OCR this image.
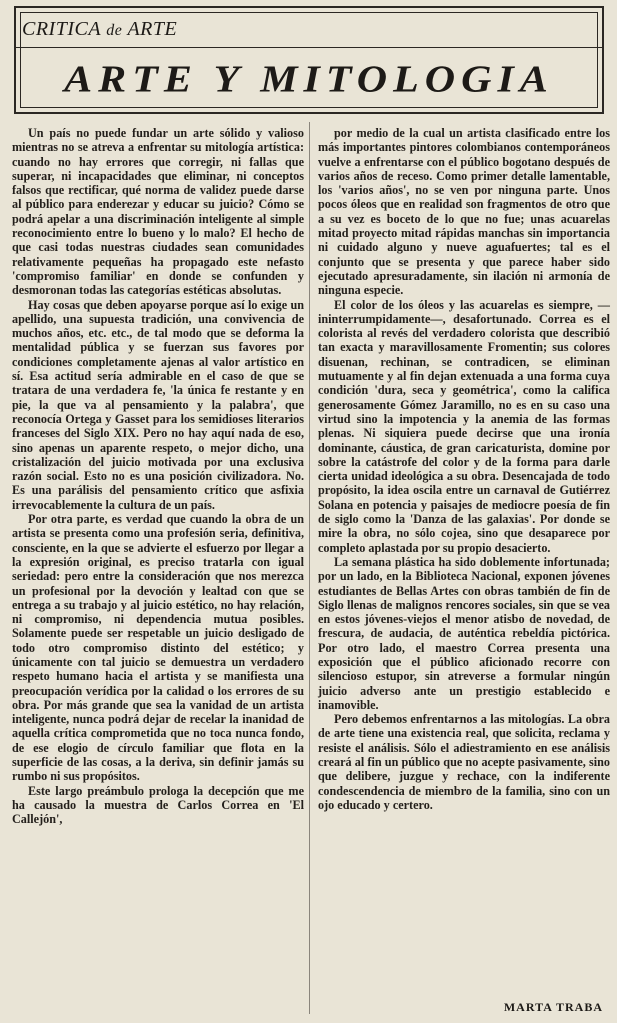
CRITICA de ARTE
ARTE Y MITOLOGIA

Un país no puede fundar un arte sólido y valioso mientras no se atreva a enfrentar su mitología artística: cuando no hay errores que corregir, ni fallas que superar, ni incapacidades que eliminar, ni conceptos falsos que rectificar, qué norma de validez puede darse al público para enderezar y educar su juicio? Cómo se podrá apelar a una discriminación inteligente al simple reconocimiento entre lo bueno y lo malo? El hecho de que casi todas nuestras ciudades sean comunidades relativamente pequeñas ha propagado este nefasto 'compromiso familiar' en donde se confunden y desmoronan todas las categorías estéticas absolutas.

Hay cosas que deben apoyarse porque así lo exige un apellido, una supuesta tradición, una convivencia de muchos años, etc. etc., de tal modo que se deforma la mentalidad pública y se fuerzan sus favores por condiciones completamente ajenas al valor artístico en sí. Esa actitud sería admirable en el caso de que se tratara de una verdadera fe, 'la única fe restante y en pie, la que va al pensamiento y la palabra', que reconocía Ortega y Gasset para los semidioses literarios franceses del Siglo XIX. Pero no hay aquí nada de eso, sino apenas un aparente respeto, o mejor dicho, una cristalización del juicio motivada por una exclusiva razón social. Esto no es una posición civilizadora. No. Es una parálisis del pensamiento crítico que asfixia irrevocablemente la cultura de un país.

Por otra parte, es verdad que cuando la obra de un artista se presenta como una profesión seria, definitiva, consciente, en la que se advierte el esfuerzo por llegar a la expresión original, es preciso tratarla con igual seriedad: pero entre la consideración que nos merezca un profesional por la devoción y lealtad con que se entrega a su trabajo y al juicio estético, no hay relación, ni compromiso, ni dependencia mutua posibles. Solamente puede ser respetable un juicio desligado de todo otro compromiso distinto del estético; y únicamente con tal juicio se demuestra un verdadero respeto humano hacia el artista y se manifiesta una preocupación verídica por la calidad o los errores de su obra. Por más grande que sea la vanidad de un artista inteligente, nunca podrá dejar de recelar la inanidad de aquella crítica comprometida que no toca nunca fondo, de ese elogio de círculo familiar que flota en la superficie de las cosas, a la deriva, sin definir jamás su rumbo ni sus propósitos.

Este largo preámbulo prologa la decepción que me ha causado la muestra de Carlos Correa en 'El Callejón',

por medio de la cual un artista clasificado entre los más importantes pintores colombianos contemporáneos vuelve a enfrentarse con el público bogotano después de varios años de receso. Como primer detalle lamentable, los 'varios años', no se ven por ninguna parte. Unos pocos óleos que en realidad son fragmentos de otro que a su vez es boceto de lo que no fue; unas acuarelas mitad proyecto mitad rápidas manchas sin importancia ni cuidado alguno y nueve aguafuertes; tal es el conjunto que se presenta y que parece haber sido ejecutado apresuradamente, sin ilación ni armonía de ninguna especie.

El color de los óleos y las acuarelas es siempre, —ininterrumpidamente—, desafortunado. Correa es el colorista al revés del verdadero colorista que describió tan exacta y maravillosamente Fromentin; sus colores disuenan, rechinan, se contradicen, se eliminan mutuamente y al fin dejan extenuada a una forma cuya condición 'dura, seca y geométrica', como la califica generosamente Gómez Jaramillo, no es en su caso una virtud sino la impotencia y la anemia de las formas plenas. Ni siquiera puede decirse que una ironía dominante, cáustica, de gran caricaturista, domine por sobre la catástrofe del color y de la forma para darle cierta unidad ideológica a su obra. Desencajada de todo propósito, la idea oscila entre un carnaval de Gutiérrez Solana en potencia y paisajes de mediocre poesía de fin de siglo como la 'Danza de las galaxias'. Por donde se mire la obra, no sólo cojea, sino que desaparece por completo aplastada por su propio desacierto.

La semana plástica ha sido doblemente infortunada; por un lado, en la Biblioteca Nacional, exponen jóvenes estudiantes de Bellas Artes con obras también de fin de Siglo llenas de malignos rencores sociales, sin que se vea en estos jóvenes-viejos el menor atisbo de novedad, de frescura, de audacia, de auténtica rebeldía pictórica. Por otro lado, el maestro Correa presenta una exposición que el público aficionado recorre con silencioso estupor, sin atreverse a formular ningún juicio adverso ante un prestigio establecido e inamovible.

Pero debemos enfrentarnos a las mitologías. La obra de arte tiene una existencia real, que solicita, reclama y resiste el análisis. Sólo el adiestramiento en ese análisis creará al fin un público que no acepte pasivamente, sino que delibere, juzgue y rechace, con la indiferente condescendencia de miembro de la familia, sino con un ojo educado y certero.

MARTA TRABA
